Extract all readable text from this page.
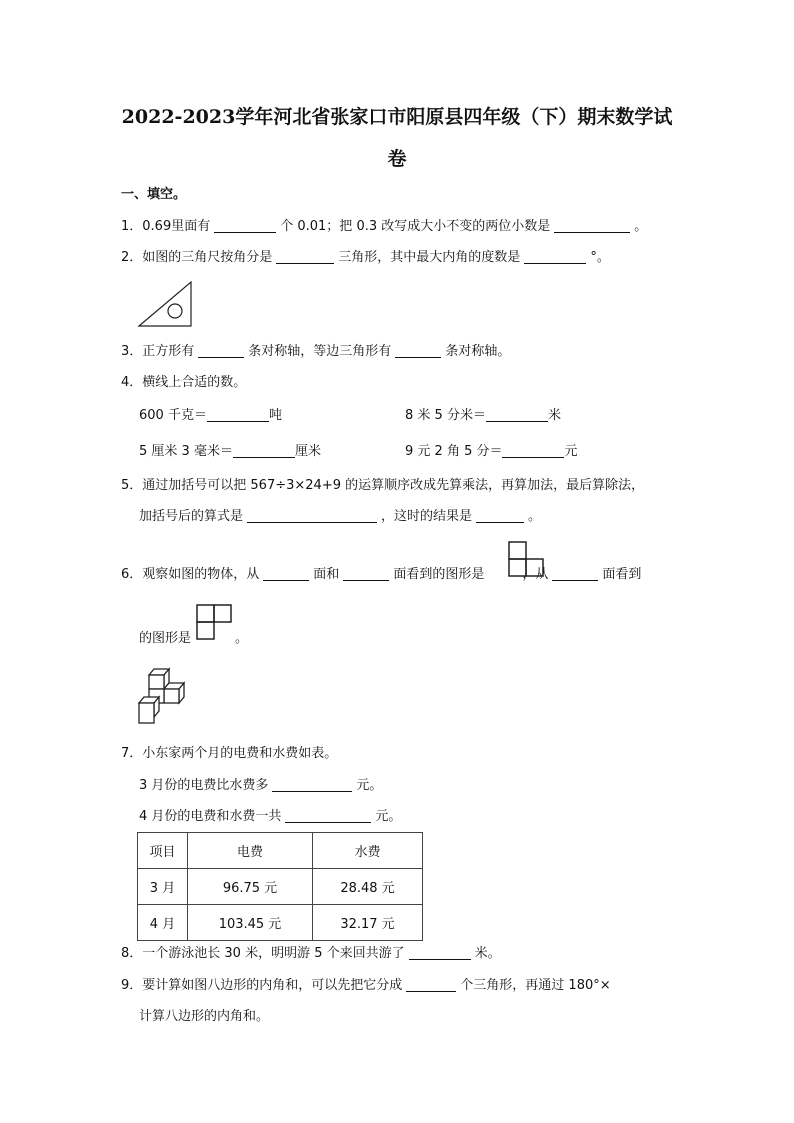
2022-2023学年河北省张家口市阳原县四年级（下）期末数学试
卷
一、填空。
1．0.69里面有	个 0.01；把 0.3 改写成大小不变的两位小数是	。
2．如图的三角尺按角分是	三角形，其中最大内角的度数是	°。
3．正方形有	条对称轴，等边三角形有	条对称轴。
4．横线上合适的数。
600 千克＝	吨	8 米 5 分米＝	米
5 厘米 3 毫米＝	厘米	9 元 2 角 5 分＝	元
5．通过加括号可以把 567÷3×24+9 的运算顺序改成先算乘法，再算加法，最后算除法，
加括号后的算式是	，这时的结果是	。
6．观察如图的物体，从	面和	面看到的图形是	，从	面看到
的图形是	。
7．小东家两个月的电费和水费如表。
3 月份的电费比水费多	元。
4 月份的电费和水费一共	元。
项目	电费	水费
3 月	96.75 元	28.48 元
4 月	103.45 元	32.17 元
8．一个游泳池长 30 米，明明游 5 个来回共游了	米。
9．要计算如图八边形的内角和，可以先把它分成	个三角形，再通过 180°×
计算八边形的内角和。
